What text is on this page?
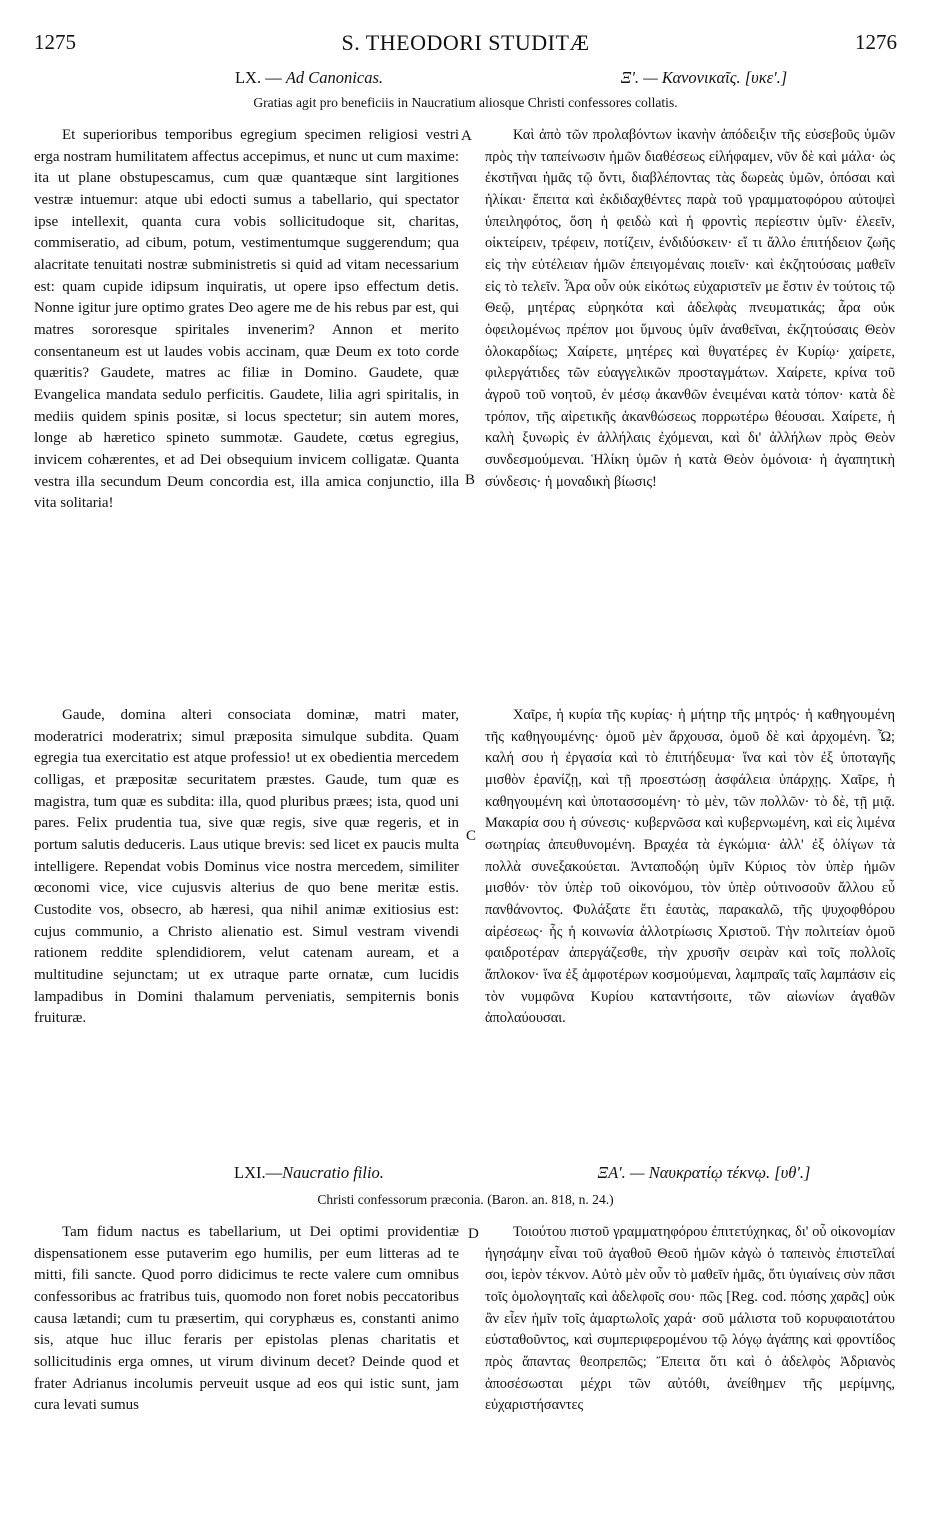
1275	S. THEODORI STUDITÆ	1276
LX. — Ad Canonicas.	Ξ'. — Κανονικαῖς. [υκε'.]
Gratias agit pro beneficiis in Naucratium aliosque Christi confessores collatis.

Et superioribus temporibus egregium specimen religiosi vestri erga nostram humilitatem affectus accepimus, et nunc ut cum maxime: ita ut plane obstupescamus, cum quæ quantæque sint largitiones vestræ intuemur: atque ubi edocti sumus a tabellario, qui spectator ipse intellexit, quanta cura vobis sollicitudoque sit, charitas, commiseratio, ad cibum, potum, vestimentumque suggerendum; qua alacritate tenuitati nostræ subministretis si quid ad vitam necessarium est: quam cupide idipsum inquiratis, ut opere ipso effectum detis. Nonne igitur jure optimo grates Deo agere me de his rebus par est, qui matres sororesque spiritales invenerim? Annon et merito consentaneum est ut laudes vobis accinam, quæ Deum ex toto corde quæritis? Gaudete, matres ac filiæ in Domino. Gaudete, quæ Evangelica mandata sedulo perficitis. Gaudete, lilia agri spiritalis, in mediis quidem spinis positæ, si locus spectetur; sin autem mores, longe ab hæretico spineto summotæ. Gaudete, cœtus egregius, invicem cohærentes, et ad Dei obsequium invicem colligatæ. Quanta vestra illa secundum Deum concordia est, illa amica conjunctio, illa vita solitaria!

Gaude, domina alteri consociata dominæ, matri mater, moderatrici moderatrix; simul præposita simulque subdita. Quam egregia tua exercitatio est atque professio! ut ex obedientia mercedem colligas, et præpositæ securitatem præstes. Gaude, tum quæ es magistra, tum quæ es subdita: illa, quod pluribus præes; ista, quod uni pares. Felix prudentia tua, sive quæ regis, sive quæ regeris, et in portum salutis deduceris. Laus utique brevis: sed licet ex paucis multa intelligere. Rependat vobis Dominus vice nostra mercedem, similiter œconomi vice, vice cujusvis alterius de quo bene meritæ estis. Custodite vos, obsecro, ab hæresi, qua nihil animæ exitiosius est: cujus communio, a Christo alienatio est. Simul vestram vivendi rationem reddite splendidiorem, velut catenam auream, et a multitudine sejunctam; ut ex utraque parte ornatæ, cum lucidis lampadibus in Domini thalamum perveniatis, sempiternis bonis fruituræ.

Καὶ ἀπὸ τῶν προλαβόντων ἱκανὴν ἀπόδειξιν τῆς εὐσεβοῦς ὑμῶν πρὸς τὴν ταπείνωσιν ἡμῶν διαθέσεως εἰλήφαμεν, νῦν δὲ καὶ μάλα· ὡς ἐκστῆναι ἡμᾶς τῷ ὄντι, διαβλέποντας τὰς δωρεὰς ὑμῶν, ὁπόσαι καὶ ἡλίκαι· ἔπειτα καὶ ἐκδιδαχθέντες παρὰ τοῦ γραμματοφόρου αὐτοψεὶ ὑπειληφότος, ὅση ἡ φειδὼ καὶ ἡ φροντὶς περίεστιν ὑμῖν· ἐλεεῖν, οἰκτείρειν, τρέφειν, ποτίζειν, ἐνδιδύσκειν· εἴ τι ἄλλο ἐπιτήδειον ζωῆς εἰς τὴν εὐτέλειαν ἡμῶν ἐπειγομέναις ποιεῖν· καὶ ἐκζητούσαις μαθεῖν εἰς τὸ τελεῖν. Ἆρα οὖν οὐκ εἰκότως εὐχαριστεῖν με ἔστιν ἐν τούτοις τῷ Θεῷ, μητέρας εὑρηκότα καὶ ἀδελφὰς πνευματικάς; ἆρα οὐκ ὀφειλομένως πρέπον μοι ὕμνους ὑμῖν ἀναθεῖναι, ἐκζητούσαις Θεὸν ὁλοκαρδίως; Χαίρετε, μητέρες καὶ θυγατέρες ἐν Κυρίῳ· χαίρετε, φιλεργάτιδες τῶν εὐαγγελικῶν προσταγμάτων. Χαίρετε, κρίνα τοῦ ἀγροῦ τοῦ νοητοῦ, ἐν μέσῳ ἀκανθῶν ἐνειμέναι κατὰ τόπον· κατὰ δὲ τρόπον, τῆς αἱρετικῆς ἀκανθώσεως πορρωτέρω θέουσαι. Χαίρετε, ἡ καλὴ ξυνωρὶς ἐν ἀλλήλαις ἐχόμεναι, καὶ δι' ἀλλήλων πρὸς Θεὸν συνδεσμούμεναι. Ἡλίκη ὑμῶν ἡ κατὰ Θεὸν ὁμόνοια· ἡ ἀγαπητικὴ σύνδεσις· ἡ μοναδικὴ βίωσις!

Χαῖρε, ἡ κυρία τῆς κυρίας· ἡ μήτηρ τῆς μητρός· ἡ καθηγουμένη τῆς καθηγουμένης· ὁμοῦ μὲν ἄρχουσα, ὁμοῦ δὲ καὶ ἀρχομένη. Ὦ; καλή σου ἡ ἐργασία καὶ τὸ ἐπιτήδευμα· ἵνα καὶ τὸν ἐξ ὑποταγῆς μισθὸν ἐρανίζῃ, καὶ τῇ προεστώσῃ ἀσφάλεια ὑπάρχῃς. Χαῖρε, ἡ καθηγουμένη καὶ ὑποτασσομένη· τὸ μὲν, τῶν πολλῶν· τὸ δὲ, τῇ μιᾷ. Μακαρία σου ἡ σύνεσις· κυβερνῶσα καὶ κυβερνωμένη, καὶ εἰς λιμένα σωτηρίας ἀπευθυνομένη. Βραχέα τὰ ἐγκώμια· ἀλλ' ἐξ ὀλίγων τὰ πολλὰ συνεξακούεται. Ἀνταποδῴη ὑμῖν Κύριος τὸν ὑπὲρ ἡμῶν μισθόν· τὸν ὑπὲρ τοῦ οἰκονόμου, τὸν ὑπὲρ οὑτινοσοῦν ἄλλου εὖ πανθάνοντος. Φυλάξατε ἔτι ἑαυτὰς, παρακαλῶ, τῆς ψυχοφθόρου αἱρέσεως· ἧς ἡ κοινωνία ἀλλοτρίωσις Χριστοῦ. Τὴν πολιτείαν ὁμοῦ φαιδροτέραν ἀπεργάζεσθε, τὴν χρυσῆν σειρὰν καὶ τοῖς πολλοῖς ἄπλοκον· ἵνα ἐξ ἀμφοτέρων κοσμούμεναι, λαμπραῖς ταῖς λαμπάσιν εἰς τὸν νυμφῶνα Κυρίου καταντήσοιτε, τῶν αἰωνίων ἀγαθῶν ἀπολαύουσαι.

LXI.—Naucratio filio.	ΞΑ'. — Ναυκρατίῳ τέκνῳ. [υθ'.]
Christi confessorum præconia. (Baron. an. 818, n. 24.)

Tam fidum nactus es tabellarium, ut Dei optimi providentiæ dispensationem esse putaverim ego humilis, per eum litteras ad te mitti, fili sancte. Quod porro didicimus te recte valere cum omnibus confessoribus ac fratribus tuis, quomodo non foret nobis peccatoribus causa lætandi; cum tu præsertim, qui coryphæus es, constanti animo sis, atque huc illuc feraris per epistolas plenas charitatis et sollicitudinis erga omnes, ut virum divinum decet? Deinde quod et frater Adrianus incolumis perveuit usque ad eos qui istic sunt, jam cura levati sumus

Τοιούτου πιστοῦ γραμματηφόρου ἐπιτετύχηκας, δι' οὗ οἰκονομίαν ἡγησάμην εἶναι τοῦ ἀγαθοῦ Θεοῦ ἡμῶν κἀγὼ ὁ ταπεινὸς ἐπιστεῖλαί σοι, ἱερὸν τέκνον. Αὐτὸ μὲν οὖν τὸ μαθεῖν ἡμᾶς, ὅτι ὑγιαίνεις σὺν πᾶσι τοῖς ὁμολογηταῖς καὶ ἀδελφοῖς σου· πῶς [Reg. cod. πόσης χαρᾶς] οὐκ ἂν εἶεν ἡμῖν τοῖς ἁμαρτωλοῖς χαρά· σοῦ μάλιστα τοῦ κορυφαιοτάτου εὐσταθοῦντος, καὶ συμπεριφερομένου τῷ λόγῳ ἀγάπης καὶ φροντίδος πρὸς ἅπαντας θεοπρεπῶς; Ἔπειτα ὅτι καὶ ὁ ἀδελφὸς Ἀδριανὸς ἀποσέσωσται μέχρι τῶν αὐτόθι, ἀνείθημεν τῆς μερίμνης, εὐχαριστήσαντες

A
B
C
D
